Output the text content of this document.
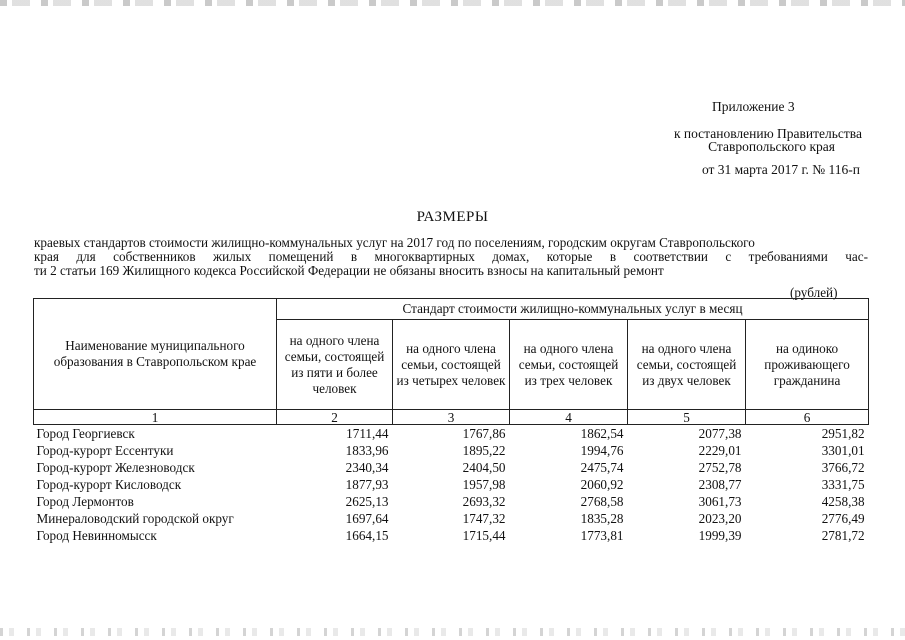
Приложение 3
к постановлению Правительства
Ставропольского края
от 31 марта 2017 г. № 116-п
РАЗМЕРЫ

краевых стандартов стоимости жилищно-коммунальных услуг на 2017 год по поселениям, городским округам Ставропольского

края для собственников жилых помещений в многоквартирных домах, которые в соответствии с требованиями час-

ти 2 статьи 169 Жилищного кодекса Российской Федерации не обязаны вносить взносы на капитальный ремонт

(рублей)
Наименование муниципального образования в Ставропольском крае	Стандарт стоимости жилищно-коммунальных услуг в месяц				
	на одного члена семьи, состоящей из пяти и более человек	на одного члена семьи, состоящей из четырех человек	на одного члена семьи, состоящей из трех человек	на одного члена семьи, состоящей из двух человек	на одиноко проживающего гражданина
1	2	3	4	5	6
Город Георгиевск	1711,44	1767,86	1862,54	2077,38	2951,82
Город-курорт Ессентуки	1833,96	1895,22	1994,76	2229,01	3301,01
Город-курорт Железноводск	2340,34	2404,50	2475,74	2752,78	3766,72
Город-курорт Кисловодск	1877,93	1957,98	2060,92	2308,77	3331,75
Город Лермонтов	2625,13	2693,32	2768,58	3061,73	4258,38
Минераловодский городской округ	1697,64	1747,32	1835,28	2023,20	2776,49
Город Невинномысск	1664,15	1715,44	1773,81	1999,39	2781,72
